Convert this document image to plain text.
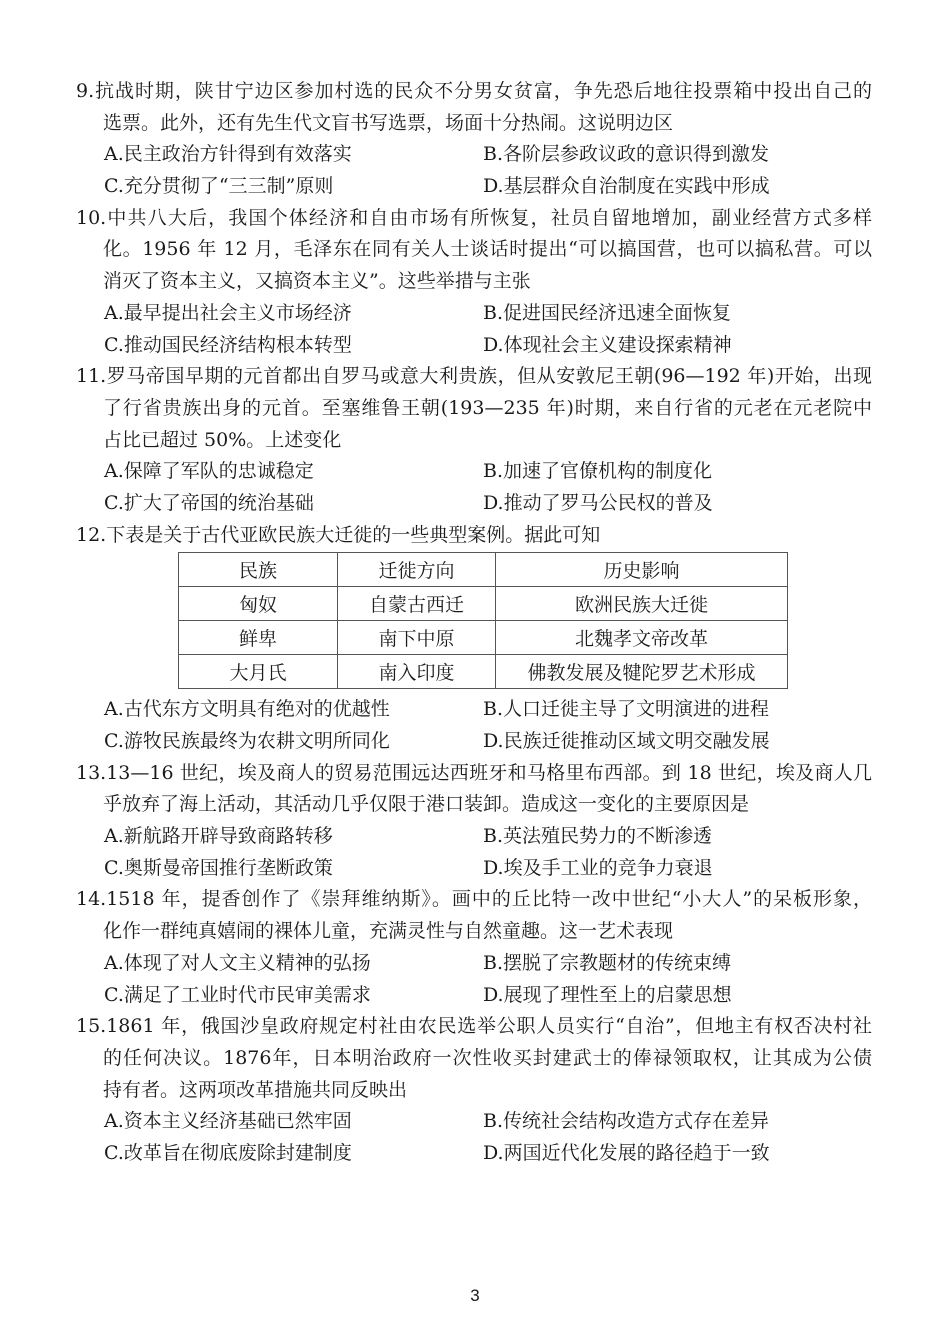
9.抗战时期，陕甘宁边区参加村选的民众不分男女贫富，争先恐后地往投票箱中投出自己的
选票。此外，还有先生代文盲书写选票，场面十分热闹。这说明边区
A.民主政治方针得到有效落实	B.各阶层参政议政的意识得到激发
C.充分贯彻了“三三制”原则	D.基层群众自治制度在实践中形成
10.中共八大后，我国个体经济和自由市场有所恢复，社员自留地增加，副业经营方式多样
化。1956 年 12 月，毛泽东在同有关人士谈话时提出“可以搞国营，也可以搞私营。可以
消灭了资本主义，又搞资本主义”。这些举措与主张
A.最早提出社会主义市场经济	B.促进国民经济迅速全面恢复
C.推动国民经济结构根本转型	D.体现社会主义建设探索精神
11.罗马帝国早期的元首都出自罗马或意大利贵族，但从安敦尼王朝(96—192 年)开始，出现
了行省贵族出身的元首。至塞维鲁王朝(193—235 年)时期，来自行省的元老在元老院中
占比已超过 50%。上述变化
A.保障了军队的忠诚稳定	B.加速了官僚机构的制度化
C.扩大了帝国的统治基础	D.推动了罗马公民权的普及
12.下表是关于古代亚欧民族大迁徙的一些典型案例。据此可知
民族	迁徙方向	历史影响
匈奴	自蒙古西迁	欧洲民族大迁徙
鲜卑	南下中原	北魏孝文帝改革
大月氏	南入印度	佛教发展及犍陀罗艺术形成
A.古代东方文明具有绝对的优越性	B.人口迁徙主导了文明演进的进程
C.游牧民族最终为农耕文明所同化	D.民族迁徙推动区域文明交融发展
13.13—16 世纪，埃及商人的贸易范围远达西班牙和马格里布西部。到 18 世纪，埃及商人几
乎放弃了海上活动，其活动几乎仅限于港口装卸。造成这一变化的主要原因是
A.新航路开辟导致商路转移	B.英法殖民势力的不断渗透
C.奥斯曼帝国推行垄断政策	D.埃及手工业的竞争力衰退
14.1518 年，提香创作了《崇拜维纳斯》。画中的丘比特一改中世纪“小大人”的呆板形象，
化作一群纯真嬉闹的裸体儿童，充满灵性与自然童趣。这一艺术表现
A.体现了对人文主义精神的弘扬	B.摆脱了宗教题材的传统束缚
C.满足了工业时代市民审美需求	D.展现了理性至上的启蒙思想
15.1861 年，俄国沙皇政府规定村社由农民选举公职人员实行“自治”，但地主有权否决村社
的任何决议。1876年，日本明治政府一次性收买封建武士的俸禄领取权，让其成为公债
持有者。这两项改革措施共同反映出
A.资本主义经济基础已然牢固	B.传统社会结构改造方式存在差异
C.改革旨在彻底废除封建制度	D.两国近代化发展的路径趋于一致
3
